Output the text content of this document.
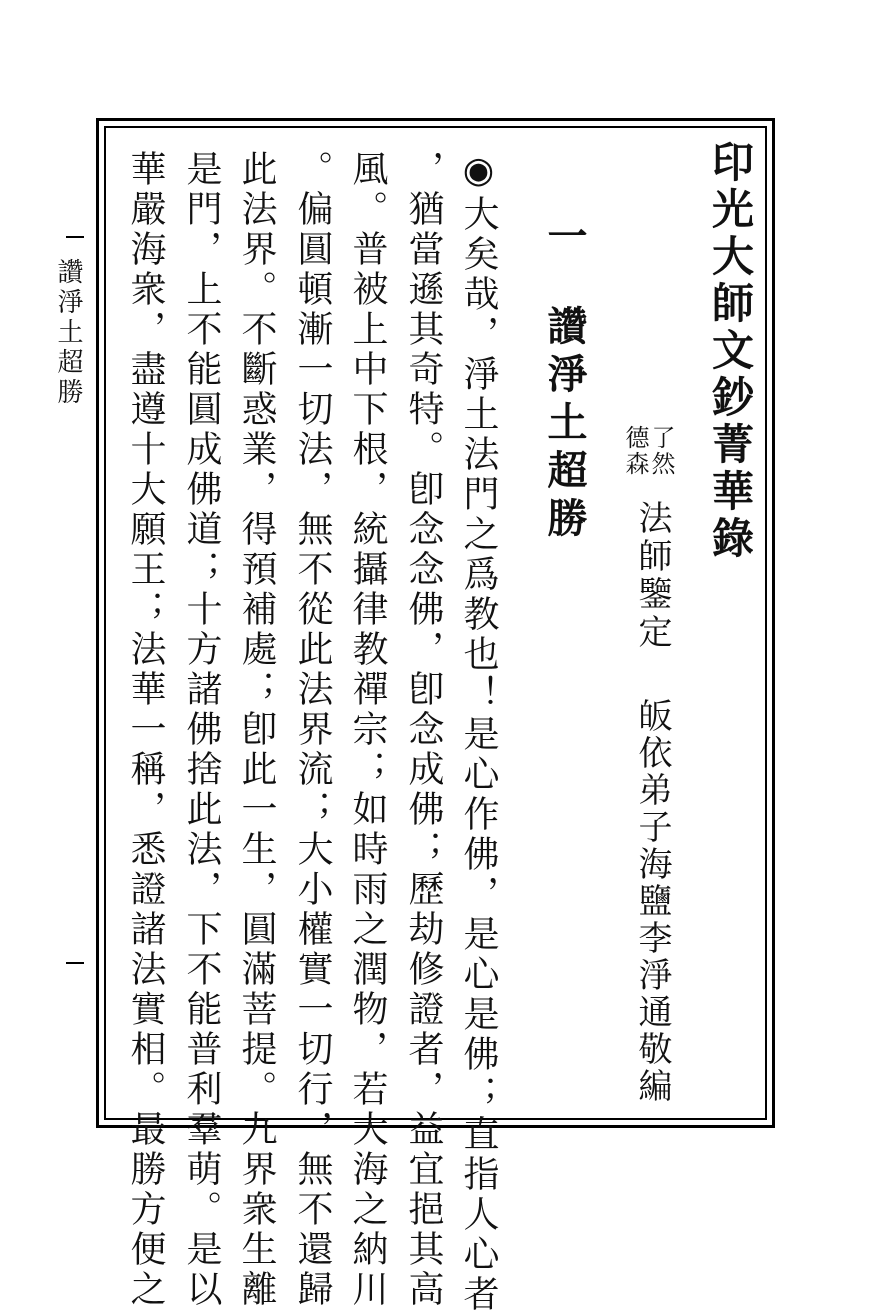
讚淨土超勝	印光大師文鈔菁華錄
了然
德森
法師鑒定
皈依弟子海鹽李淨通敬編
一
讚淨土超勝
◉大矣哉，淨土法門之爲教也！是心作佛，是心是佛；直指人心者
，猶當遜其奇特。卽念念佛，卽念成佛；歷劫修證者，益宜挹其高
風。普被上中下根，統攝律教禪宗；如時雨之潤物，若大海之納川
。偏圓頓漸一切法，無不從此法界流；大小權實一切行，無不還歸
此法界。不斷惑業，得預補處；卽此一生，圓滿菩提。九界衆生離
是門，上不能圓成佛道；十方諸佛捨此法，下不能普利羣萌。是以
華嚴海衆，盡遵十大願王；法華一稱，悉證諸法實相。最勝方便之
